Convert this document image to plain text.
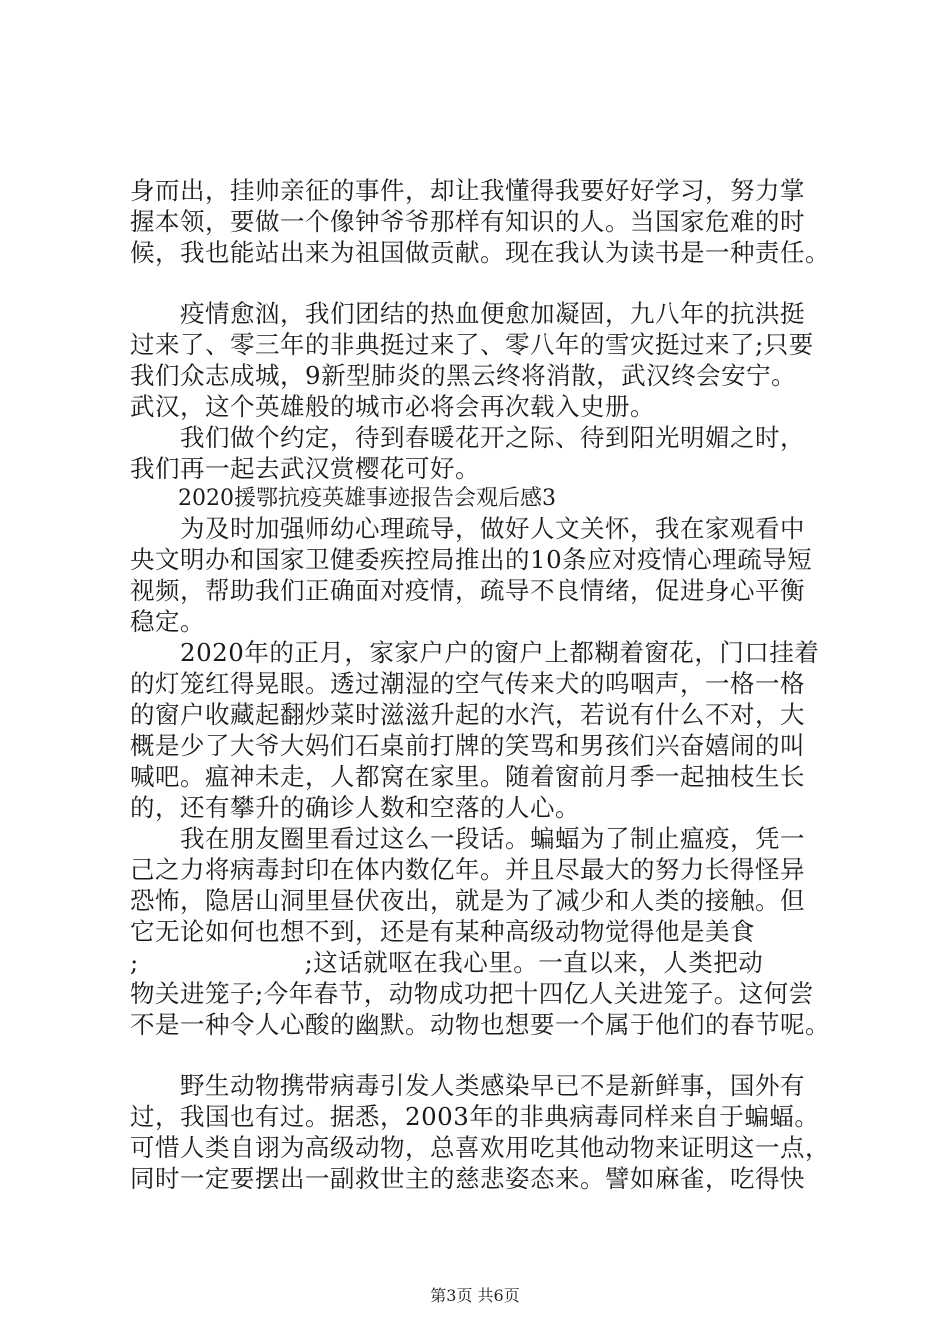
身而出，挂帅亲征的事件，却让我懂得我要好好学习，努力掌
握本领，要做一个像钟爷爷那样有知识的人。当国家危难的时
候，我也能站出来为祖国做贡献。现在我认为读书是一种责任。
疫情愈汹，我们团结的热血便愈加凝固，九八年的抗洪挺
过来了、零三年的非典挺过来了、零八年的雪灾挺过来了;只要
我们众志成城，9新型肺炎的黑云终将消散，武汉终会安宁。
武汉，这个英雄般的城市必将会再次载入史册。
我们做个约定，待到春暖花开之际、待到阳光明媚之时，
我们再一起去武汉赏樱花可好。
2020援鄂抗疫英雄事迹报告会观后感3
为及时加强师幼心理疏导，做好人文关怀，我在家观看中
央文明办和国家卫健委疾控局推出的10条应对疫情心理疏导短
视频，帮助我们正确面对疫情，疏导不良情绪，促进身心平衡
稳定。
2020年的正月，家家户户的窗户上都糊着窗花，门口挂着
的灯笼红得晃眼。透过潮湿的空气传来犬的呜咽声，一格一格
的窗户收藏起翻炒菜时滋滋升起的水汽，若说有什么不对，大
概是少了大爷大妈们石桌前打牌的笑骂和男孩们兴奋嬉闹的叫
喊吧。瘟神未走，人都窝在家里。随着窗前月季一起抽枝生长
的，还有攀升的确诊人数和空落的人心。
我在朋友圈里看过这么一段话。蝙蝠为了制止瘟疫，凭一
己之力将病毒封印在体内数亿年。并且尽最大的努力长得怪异
恐怖，隐居山洞里昼伏夜出，就是为了减少和人类的接触。但
它无论如何也想不到，还是有某种高级动物觉得他是美食
;                    ;这话就呕在我心里。一直以来，人类把动
物关进笼子;今年春节，动物成功把十四亿人关进笼子。这何尝
不是一种令人心酸的幽默。动物也想要一个属于他们的春节呢。
野生动物携带病毒引发人类感染早已不是新鲜事，国外有
过，我国也有过。据悉，2003年的非典病毒同样来自于蝙蝠。
可惜人类自诩为高级动物，总喜欢用吃其他动物来证明这一点，
同时一定要摆出一副救世主的慈悲姿态来。譬如麻雀，吃得快
第3页 共6页
